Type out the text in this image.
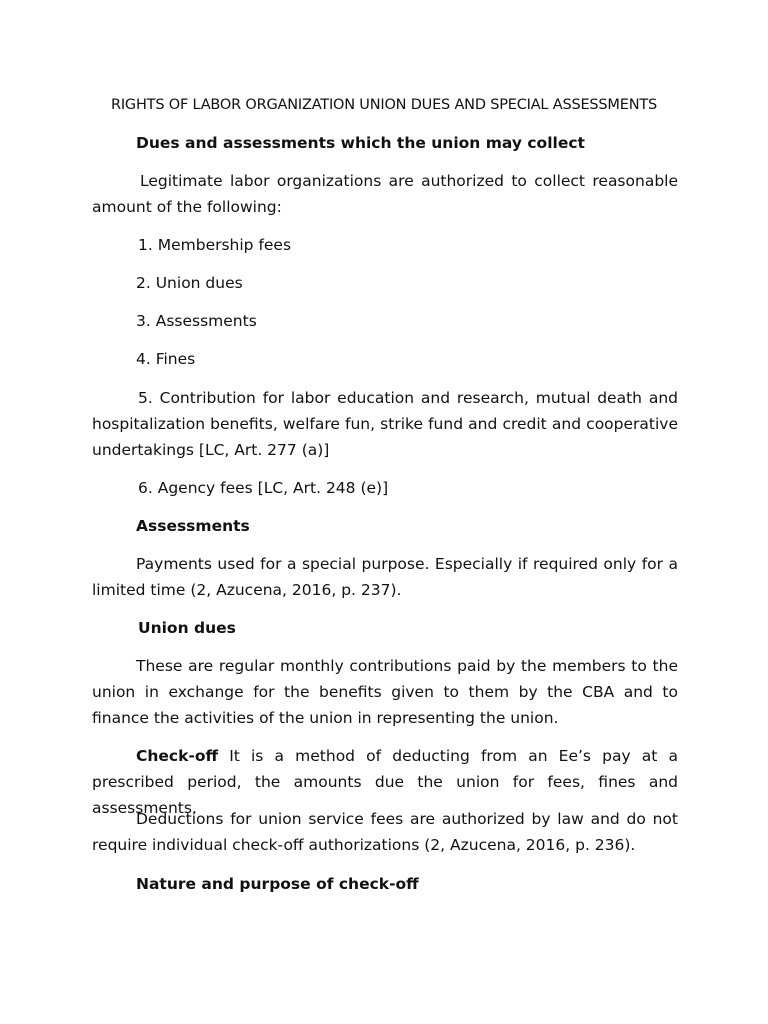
RIGHTS OF LABOR ORGANIZATION UNION DUES AND SPECIAL ASSESSMENTS

Dues and assessments which the union may collect

Legitimate labor organizations are authorized to collect reasonable amount of the following:

1. Membership fees

2. Union dues

3. Assessments

4. Fines

5. Contribution for labor education and research, mutual death and hospitalization benefits, welfare fun, strike fund and credit and cooperative undertakings [LC, Art. 277 (a)]

6. Agency fees [LC, Art. 248 (e)]

Assessments

Payments used for a special purpose. Especially if required only for a limited time (2, Azucena, 2016, p. 237).

Union dues

These are regular monthly contributions paid by the members to the union in exchange for the benefits given to them by the CBA and to finance the activities of the union in representing the union.

Check-off It is a method of deducting from an Ee’s pay at a prescribed period, the amounts due the union for fees, fines and assessments.

Deductions for union service fees are authorized by law and do not require individual check-off authorizations (2, Azucena, 2016, p. 236).

Nature and purpose of check-off
